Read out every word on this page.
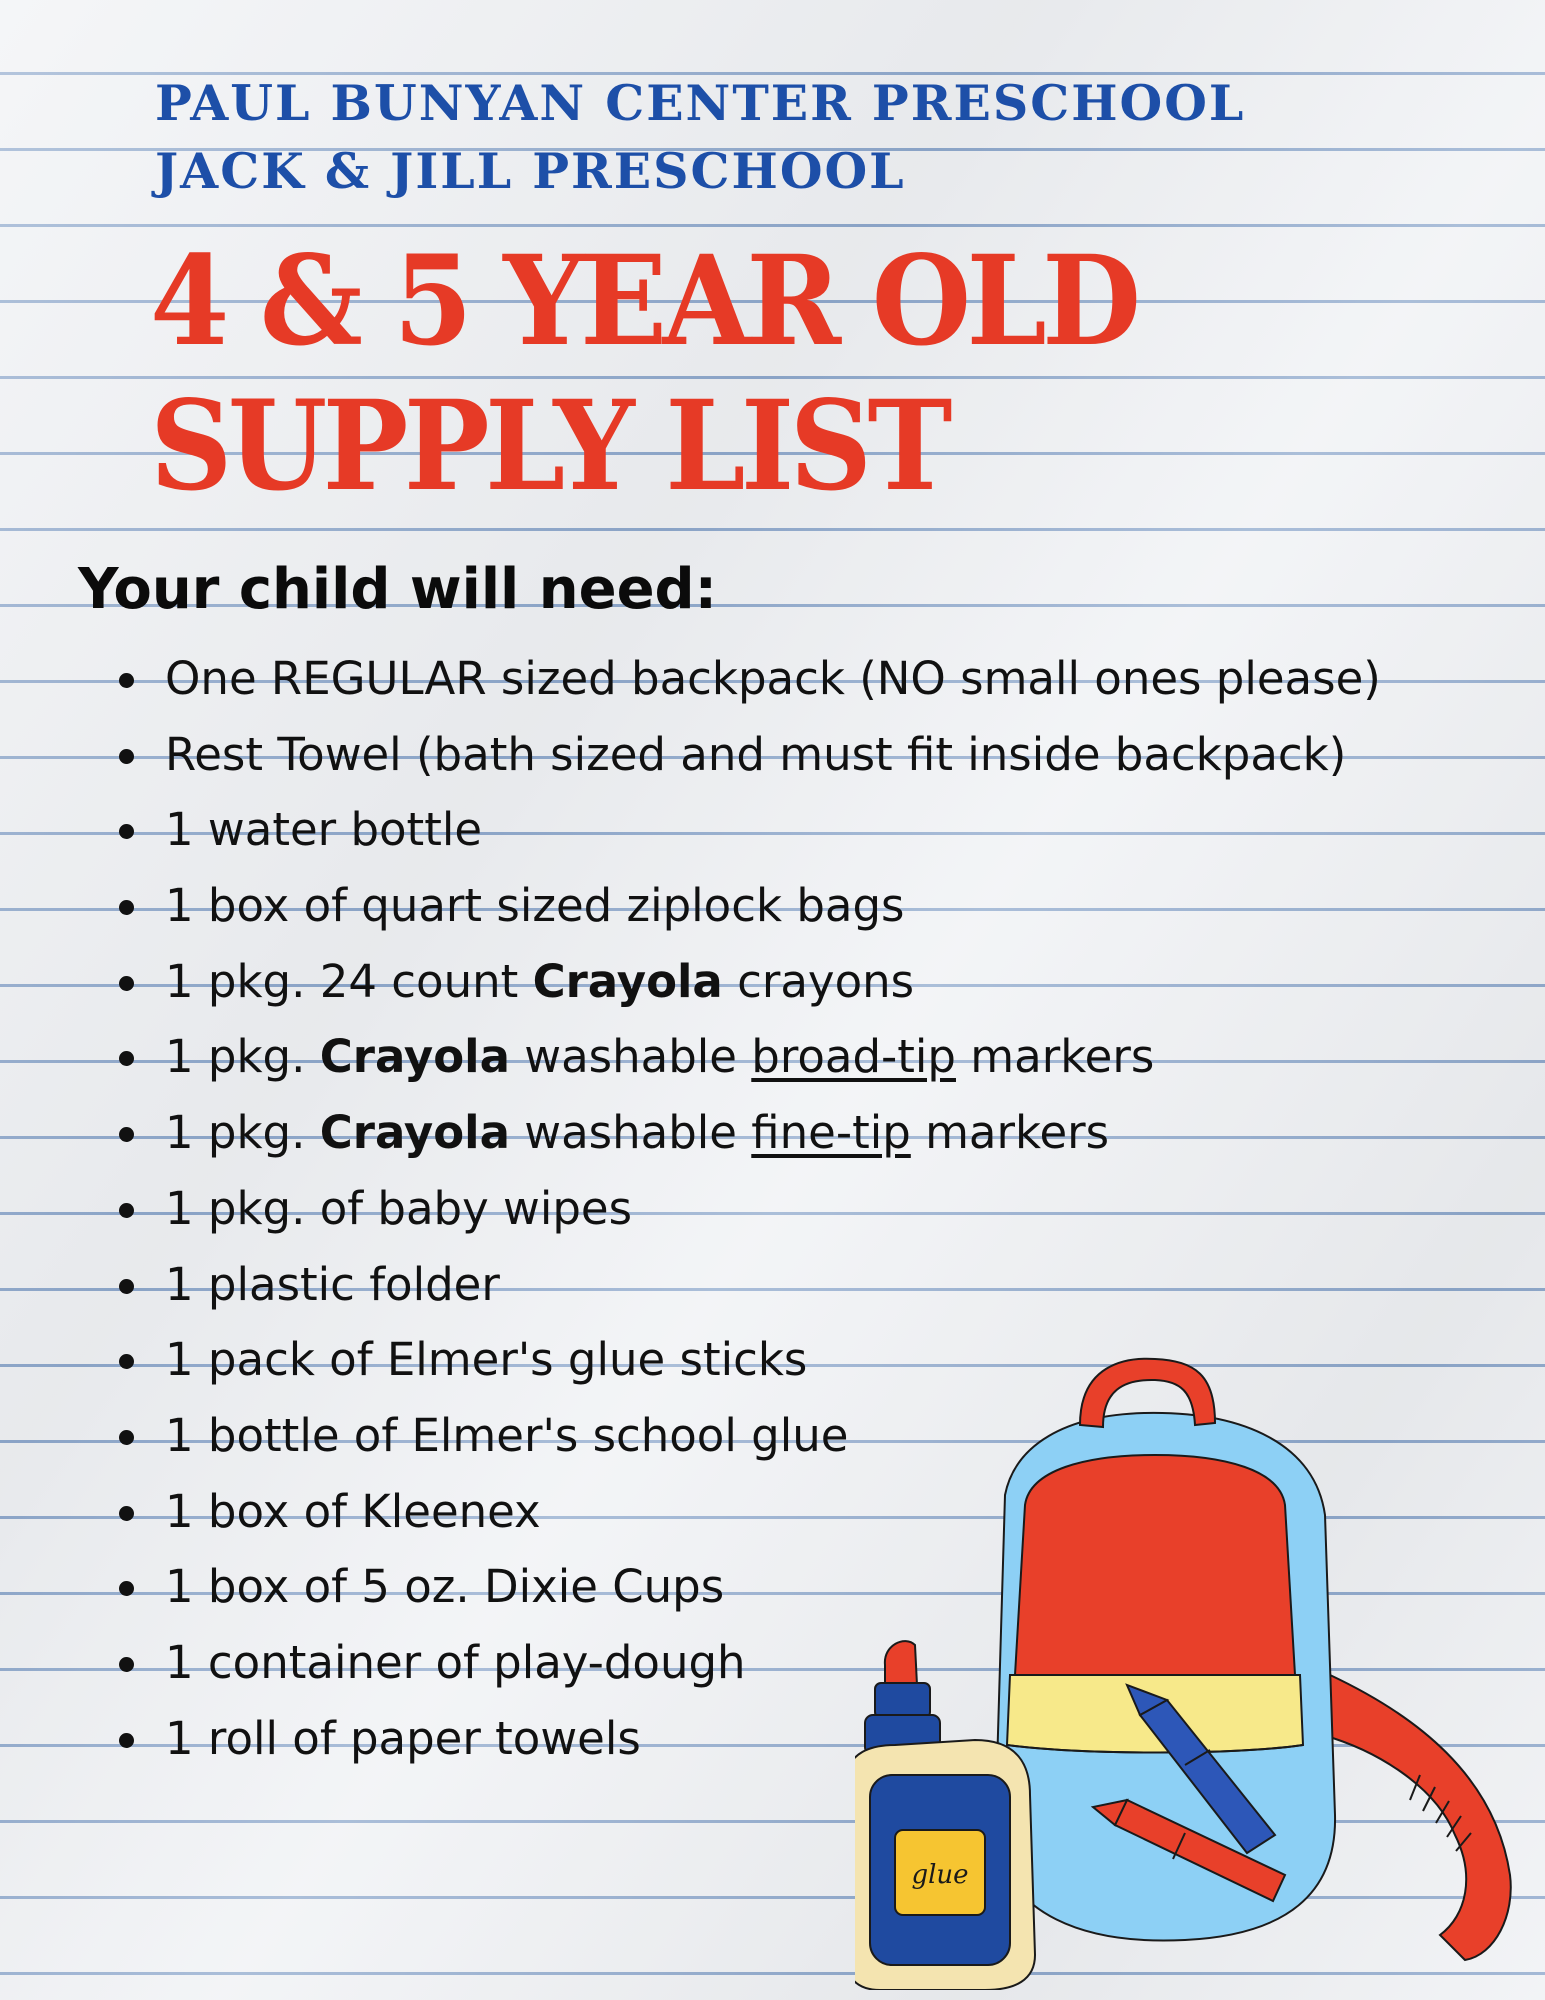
PAUL BUNYAN CENTER PRESCHOOL
JACK & JILL PRESCHOOL
4 & 5 YEAR OLD
SUPPLY LIST

Your child will need:

One REGULAR sized backpack (NO small ones please)
Rest Towel (bath sized and must fit inside backpack)
1 water bottle
1 box of quart sized ziplock bags
1 pkg. 24 count Crayola crayons
1 pkg. Crayola washable broad-tip markers
1 pkg. Crayola washable fine-tip markers
1 pkg. of baby wipes
1 plastic folder
1 pack of Elmer's glue sticks
1 bottle of Elmer's school glue
1 box of Kleenex
1 box of 5 oz. Dixie Cups
1 container of play-dough
1 roll of paper towels
glue
